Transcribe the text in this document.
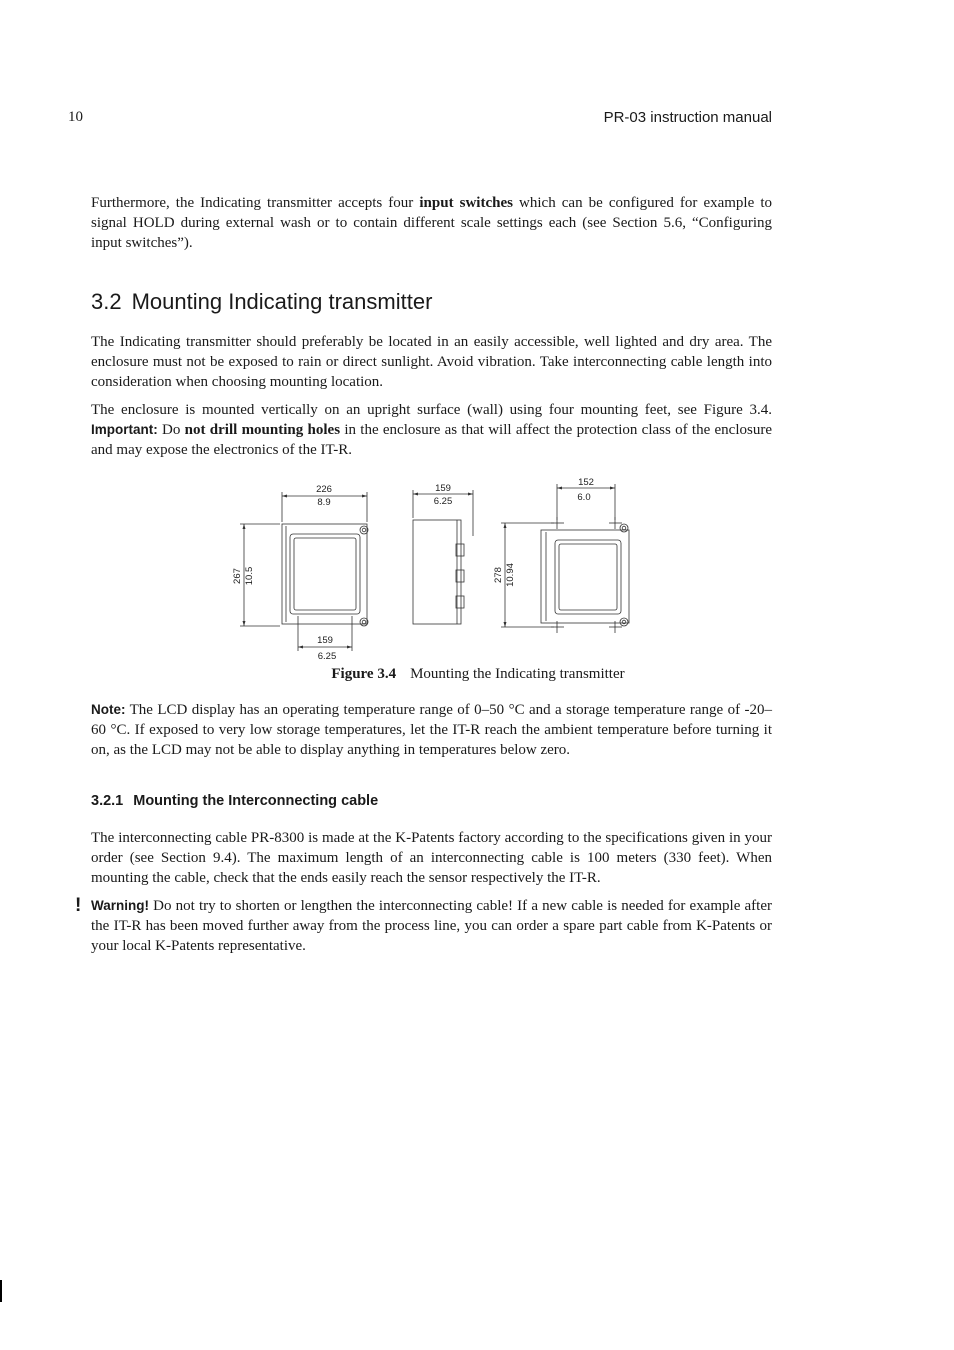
10	PR-03 instruction manual

Furthermore, the Indicating transmitter accepts four input switches which can be configured for example to signal HOLD during external wash or to contain different scale settings each (see Section 5.6, “Configuring input switches”).

3.2 Mounting Indicating transmitter

The Indicating transmitter should preferably be located in an easily accessible, well lighted and dry area. The enclosure must not be exposed to rain or direct sunlight. Avoid vibration. Take interconnecting cable length into consideration when choosing mounting location.

The enclosure is mounted vertically on an upright surface (wall) using four mounting feet, see Figure 3.4. Important: Do not drill mounting holes in the enclosure as that will affect the protection class of the enclosure and may expose the electronics of the IT-R.

226
8.9
267 10.5
159
6.25
159
6.25
278 10.94
152
6.0
Figure 3.4 Mounting the Indicating transmitter

Note: The LCD display has an operating temperature range of 0–50 °C and a storage temperature range of -20–60 °C. If exposed to very low storage temperatures, let the IT-R reach the ambient temperature before turning it on, as the LCD may not be able to display anything in temperatures below zero.

3.2.1 Mounting the Interconnecting cable

The interconnecting cable PR-8300 is made at the K-Patents factory according to the specifications given in your order (see Section 9.4). The maximum length of an interconnecting cable is 100 meters (330 feet). When mounting the cable, check that the ends easily reach the sensor respectively the IT-R.

! Warning! Do not try to shorten or lengthen the interconnecting cable! If a new cable is needed for example after the IT-R has been moved further away from the process line, you can order a spare part cable from K-Patents or your local K-Patents representative.
